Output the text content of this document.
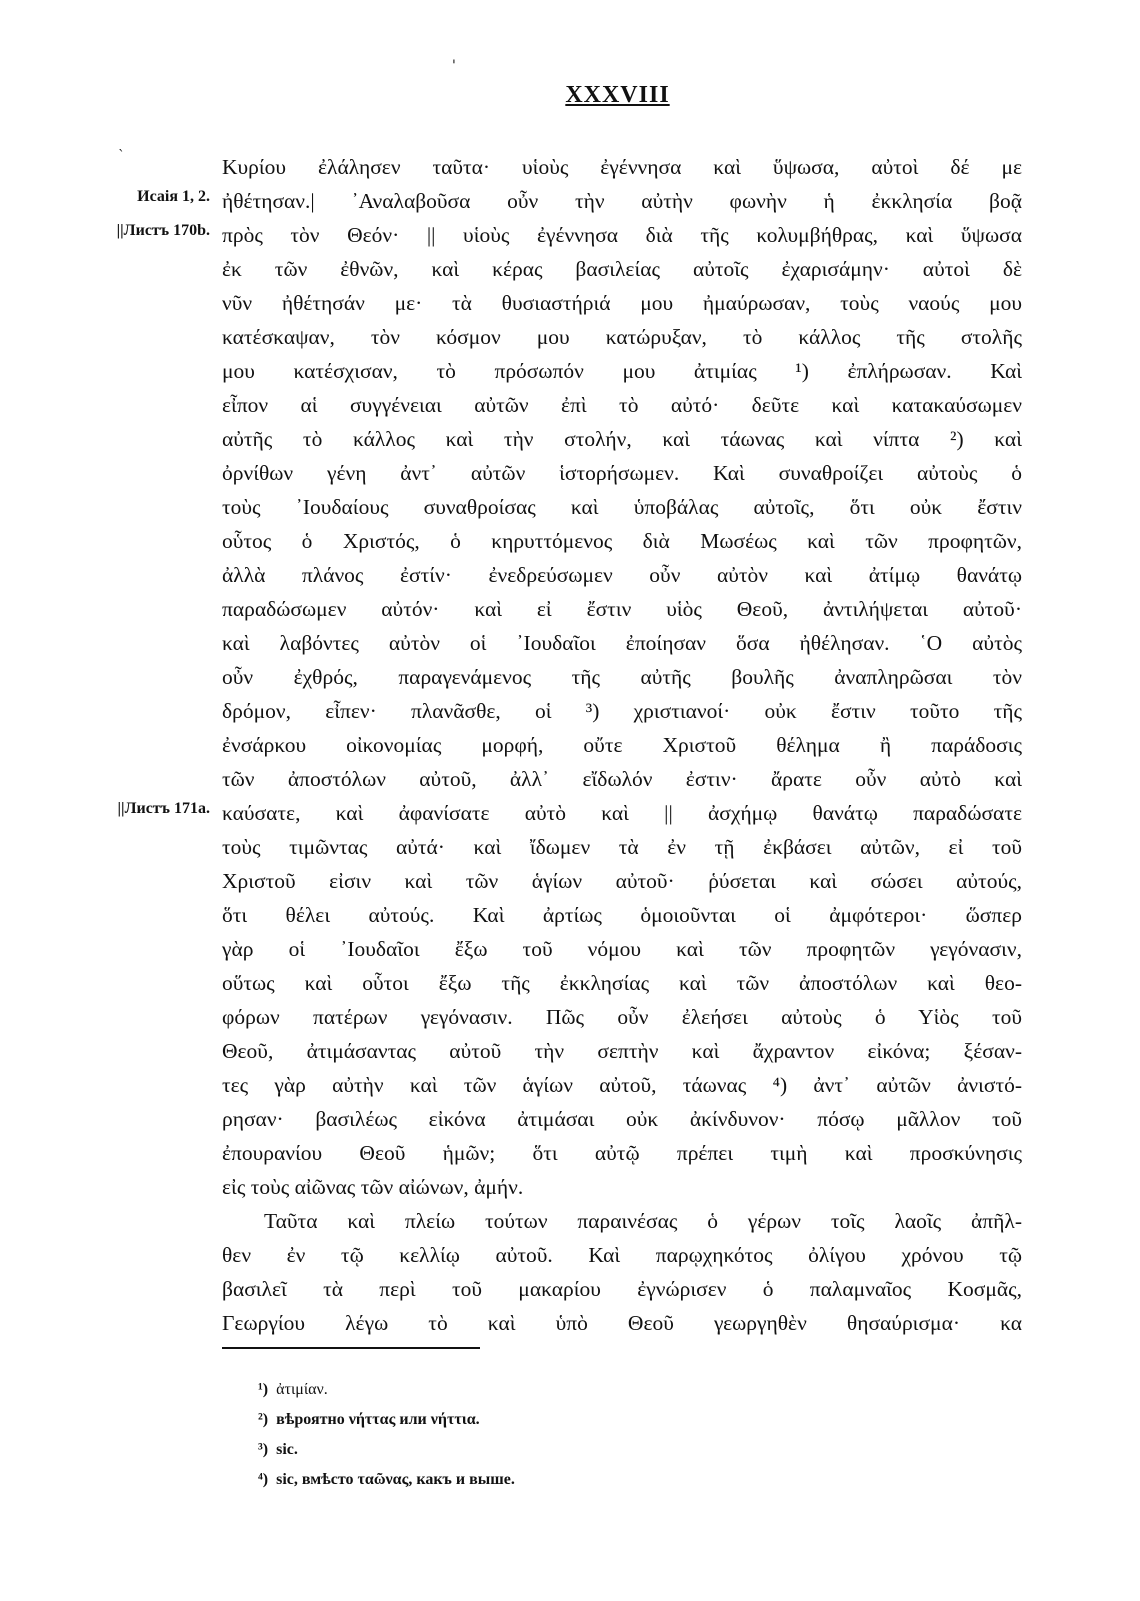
'
`
XXXVIII
Исаія 1, 2.
||Листъ 170b.
||Листъ 171a.
Κυρίου ἐλάλησεν ταῦτα· υἱοὺς ἐγέννησα καὶ ὕψωσα, αὐτοὶ δέ με
ἠθέτησαν.| ᾿Αναλαβοῦσα οὖν τὴν αὐτὴν φωνὴν ἡ ἐκκλησία βοᾷ
πρὸς τὸν Θεόν· || υἱοὺς ἐγέννησα διὰ τῆς κολυμβήθρας, καὶ ὕψωσα
ἐκ τῶν ἐθνῶν, καὶ κέρας βασιλείας αὐτοῖς ἐχαρισάμην· αὐτοὶ δὲ
νῦν ἠθέτησάν με· τὰ θυσιαστήριά μου ἠμαύρωσαν, τοὺς ναούς μου
κατέσκαψαν, τὸν κόσμον μου κατώρυξαν, τὸ κάλλος τῆς στολῆς
μου κατέσχισαν, τὸ πρόσωπόν μου ἀτιμίας ¹) ἐπλήρωσαν. Καὶ
εἶπον αἱ συγγένειαι αὐτῶν ἐπὶ τὸ αὐτό· δεῦτε καὶ κατακαύσωμεν
αὐτῆς τὸ κάλλος καὶ τὴν στολήν, καὶ τάωνας καὶ νίπτα ²) καὶ
ὀρνίθων γένη ἀντ᾿ αὐτῶν ἱστορήσωμεν. Καὶ συναθροίζει αὐτοὺς ὁ
τοὺς ᾿Ιουδαίους συναθροίσας καὶ ὑποβάλας αὐτοῖς, ὅτι οὐκ ἔστιν
οὗτος ὁ Χριστός, ὁ κηρυττόμενος διὰ Μωσέως καὶ τῶν προφητῶν,
ἀλλὰ πλάνος ἐστίν· ἐνεδρεύσωμεν οὖν αὐτὸν καὶ ἀτίμῳ θανάτῳ
παραδώσωμεν αὐτόν· καὶ εἰ ἔστιν υἱὸς Θεοῦ, ἀντιλήψεται αὐτοῦ·
καὶ λαβόντες αὐτὸν οἱ ᾿Ιουδαῖοι ἐποίησαν ὅσα ἠθέλησαν. ῾Ο αὐτὸς
οὖν ἐχθρός, παραγενάμενος τῆς αὐτῆς βουλῆς ἀναπληρῶσαι τὸν
δρόμον, εἶπεν· πλανᾶσθε, οἱ ³) χριστιανοί· οὐκ ἔστιν τοῦτο τῆς
ἐνσάρκου οἰκονομίας μορφή, οὔτε Χριστοῦ θέλημα ἢ παράδοσις
τῶν ἀποστόλων αὐτοῦ, ἀλλ᾿ εἴδωλόν ἐστιν· ἄρατε οὖν αὐτὸ καὶ
καύσατε, καὶ ἀφανίσατε αὐτὸ καὶ || ἀσχήμῳ θανάτῳ παραδώσατε
τοὺς τιμῶντας αὐτά· καὶ ἴδωμεν τὰ ἐν τῇ ἐκβάσει αὐτῶν, εἰ τοῦ
Χριστοῦ εἰσιν καὶ τῶν ἁγίων αὐτοῦ· ῥύσεται καὶ σώσει αὐτούς,
ὅτι θέλει αὐτούς. Καὶ ἀρτίως ὁμοιοῦνται οἱ ἀμφότεροι· ὥσπερ
γὰρ οἱ ᾿Ιουδαῖοι ἔξω τοῦ νόμου καὶ τῶν προφητῶν γεγόνασιν,
οὕτως καὶ οὗτοι ἔξω τῆς ἐκκλησίας καὶ τῶν ἀποστόλων καὶ θεο-
φόρων πατέρων γεγόνασιν. Πῶς οὖν ἐλεήσει αὐτοὺς ὁ Υἱὸς τοῦ
Θεοῦ, ἀτιμάσαντας αὐτοῦ τὴν σεπτὴν καὶ ἄχραντον εἰκόνα; ξέσαν-
τες γὰρ αὐτὴν καὶ τῶν ἁγίων αὐτοῦ, τάωνας ⁴) ἀντ᾿ αὐτῶν ἀνιστό-
ρησαν· βασιλέως εἰκόνα ἀτιμάσαι οὐκ ἀκίνδυνον· πόσῳ μᾶλλον τοῦ
ἐπουρανίου Θεοῦ ἡμῶν; ὅτι αὐτῷ πρέπει τιμὴ καὶ προσκύνησις
εἰς τοὺς αἰῶνας τῶν αἰώνων, ἀμήν.
Ταῦτα καὶ πλείω τούτων παραινέσας ὁ γέρων τοῖς λαοῖς ἀπῆλ-
θεν ἐν τῷ κελλίῳ αὐτοῦ. Καὶ παρῳχηκότος ὀλίγου χρόνου τῷ
βασιλεῖ τὰ περὶ τοῦ μακαρίου ἐγνώρισεν ὁ παλαμναῖος Κοσμᾶς,
Γεωργίου λέγω τὸ καὶ ὑπὸ Θεοῦ γεωργηθὲν θησαύρισμα· κα
¹) ἀτιμίαν.
²) вѣроятно νήττας или νήττια.
³) sic.
⁴) sic, вмѣсто ταῶνας, какъ и выше.
